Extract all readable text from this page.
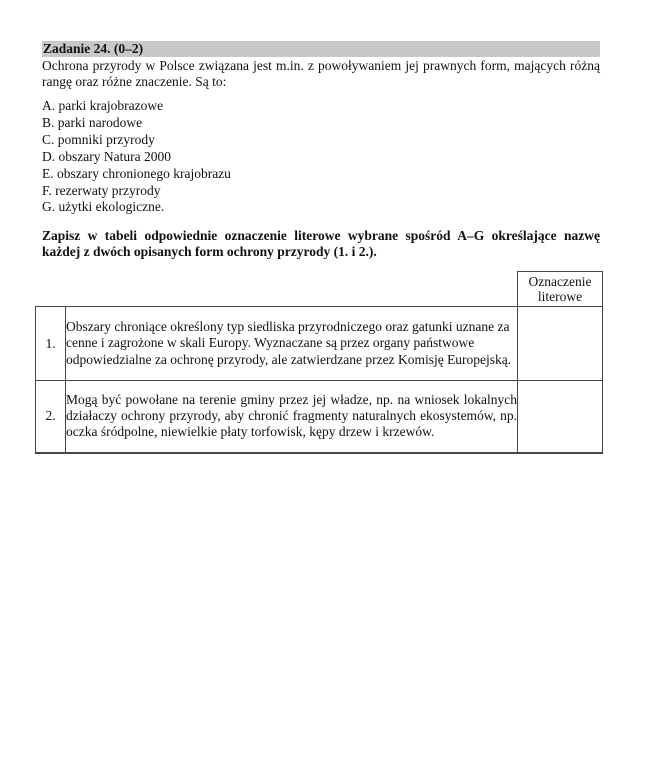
Zadanie 24. (0–2)
Ochrona przyrody w Polsce związana jest m.in. z powoływaniem jej prawnych form, mających różną rangę oraz różne znaczenie. Są to:
A. parki krajobrazowe
B. parki narodowe
C. pomniki przyrody
D. obszary Natura 2000
E. obszary chronionego krajobrazu
F. rezerwaty przyrody
G. użytki ekologiczne.
Zapisz w tabeli odpowiednie oznaczenie literowe wybrane spośród A–G określające nazwę każdej z dwóch opisanych form ochrony przyrody (1. i 2.).
		Oznaczenie
literowe
1.	Obszary chroniące określony typ siedliska przyrodniczego oraz gatunki uznane za cenne i zagrożone w skali Europy. Wyznaczane są przez organy państwowe odpowiedzialne za ochronę przyrody, ale zatwierdzane przez Komisję Europejską.	
2.	Mogą być powołane na terenie gminy przez jej władze, np. na wniosek lokalnych działaczy ochrony przyrody, aby chronić fragmenty naturalnych ekosystemów, np. oczka śródpolne, niewielkie płaty torfowisk, kępy drzew i krzewów.	
